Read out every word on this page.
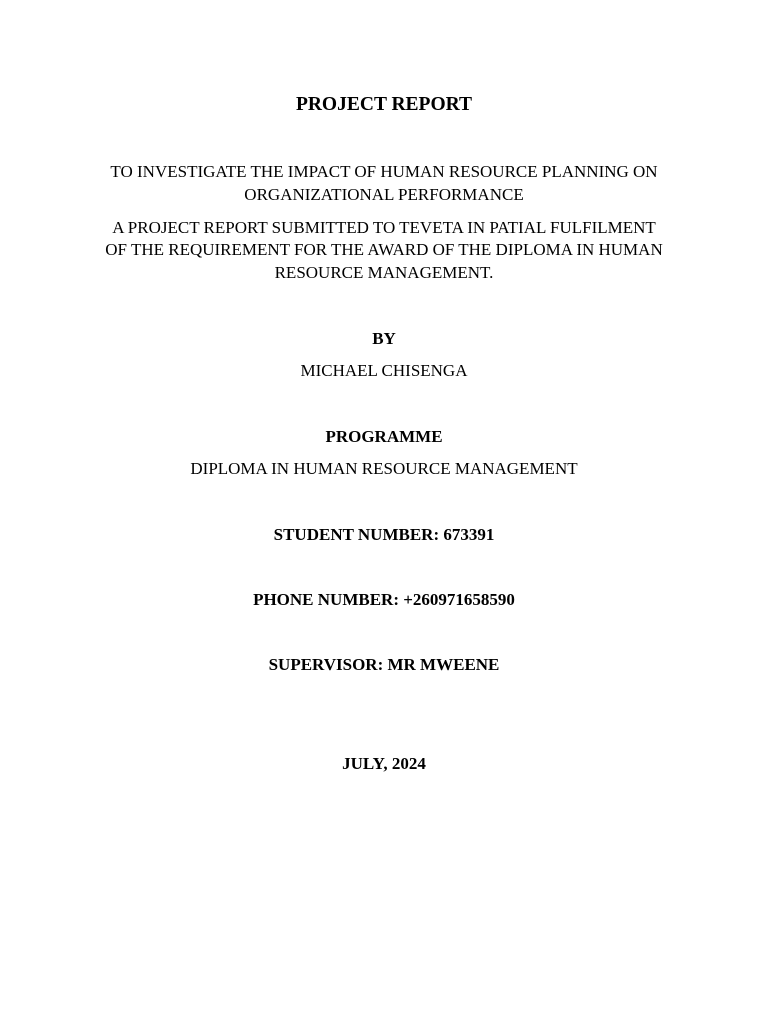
PROJECT REPORT

TO INVESTIGATE THE IMPACT OF HUMAN RESOURCE PLANNING ON

ORGANIZATIONAL PERFORMANCE

A PROJECT REPORT SUBMITTED TO TEVETA IN PATIAL FULFILMENT

OF THE REQUIREMENT FOR THE AWARD OF THE DIPLOMA IN HUMAN

RESOURCE MANAGEMENT.

BY

MICHAEL CHISENGA

PROGRAMME

DIPLOMA IN HUMAN RESOURCE MANAGEMENT

STUDENT NUMBER: 673391

PHONE NUMBER: +260971658590

SUPERVISOR: MR MWEENE

JULY, 2024
